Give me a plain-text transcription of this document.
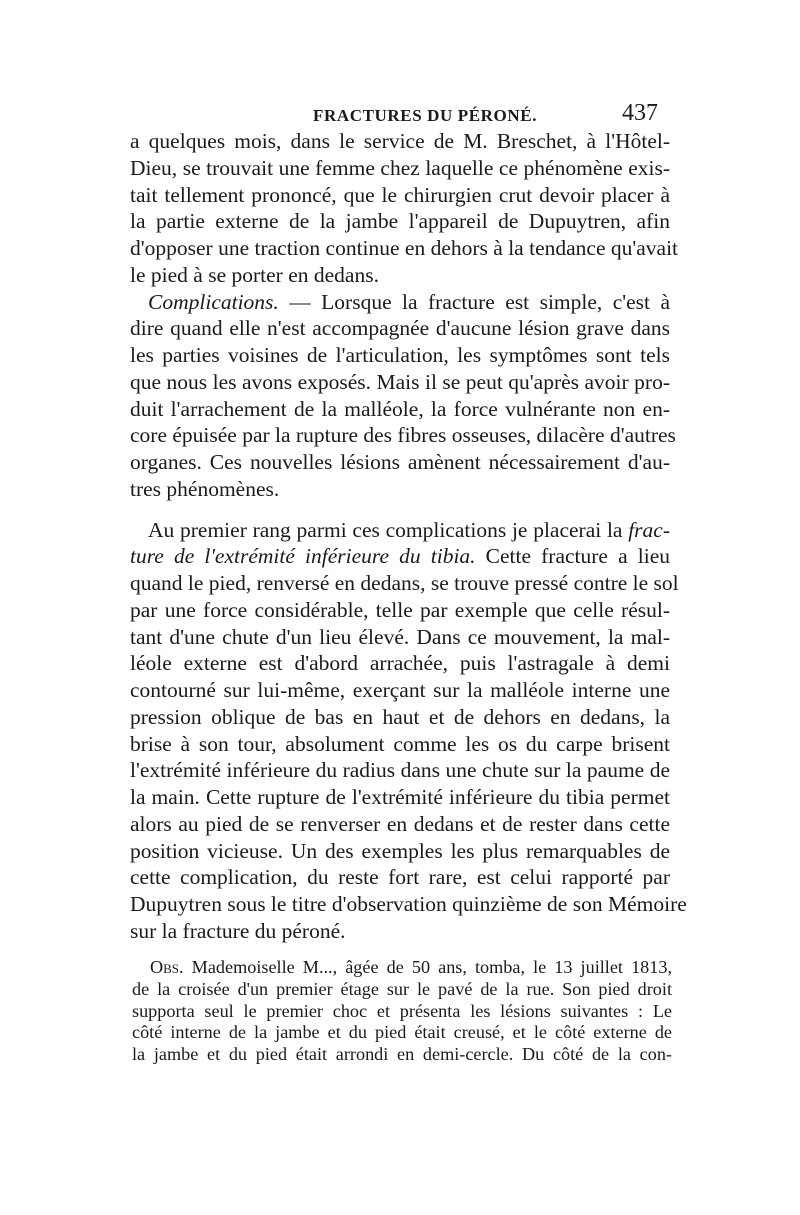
FRACTURES DU PÉRONÉ.	437
a quelques mois, dans le service de M. Breschet, à l'Hôtel-
Dieu, se trouvait une femme chez laquelle ce phénomène exis-
tait tellement prononcé, que le chirurgien crut devoir placer à
la partie externe de la jambe l'appareil de Dupuytren, afin
d'opposer une traction continue en dehors à la tendance qu'avait
le pied à se porter en dedans.
Complications. — Lorsque la fracture est simple, c'est à
dire quand elle n'est accompagnée d'aucune lésion grave dans
les parties voisines de l'articulation, les symptômes sont tels
que nous les avons exposés. Mais il se peut qu'après avoir pro-
duit l'arrachement de la malléole, la force vulnérante non en-
core épuisée par la rupture des fibres osseuses, dilacère d'autres
organes. Ces nouvelles lésions amènent nécessairement d'au-
tres phénomènes.
Au premier rang parmi ces complications je placerai la frac-
ture de l'extrémité inférieure du tibia. Cette fracture a lieu
quand le pied, renversé en dedans, se trouve pressé contre le sol
par une force considérable, telle par exemple que celle résul-
tant d'une chute d'un lieu élevé. Dans ce mouvement, la mal-
léole externe est d'abord arrachée, puis l'astragale à demi
contourné sur lui-même, exerçant sur la malléole interne une
pression oblique de bas en haut et de dehors en dedans, la
brise à son tour, absolument comme les os du carpe brisent
l'extrémité inférieure du radius dans une chute sur la paume de
la main. Cette rupture de l'extrémité inférieure du tibia permet
alors au pied de se renverser en dedans et de rester dans cette
position vicieuse. Un des exemples les plus remarquables de
cette complication, du reste fort rare, est celui rapporté par
Dupuytren sous le titre d'observation quinzième de son Mémoire
sur la fracture du péroné.
Obs. Mademoiselle M..., âgée de 50 ans, tomba, le 13 juillet 1813,
de la croisée d'un premier étage sur le pavé de la rue. Son pied droit
supporta seul le premier choc et présenta les lésions suivantes : Le
côté interne de la jambe et du pied était creusé, et le côté externe de
la jambe et du pied était arrondi en demi-cercle. Du côté de la con-
